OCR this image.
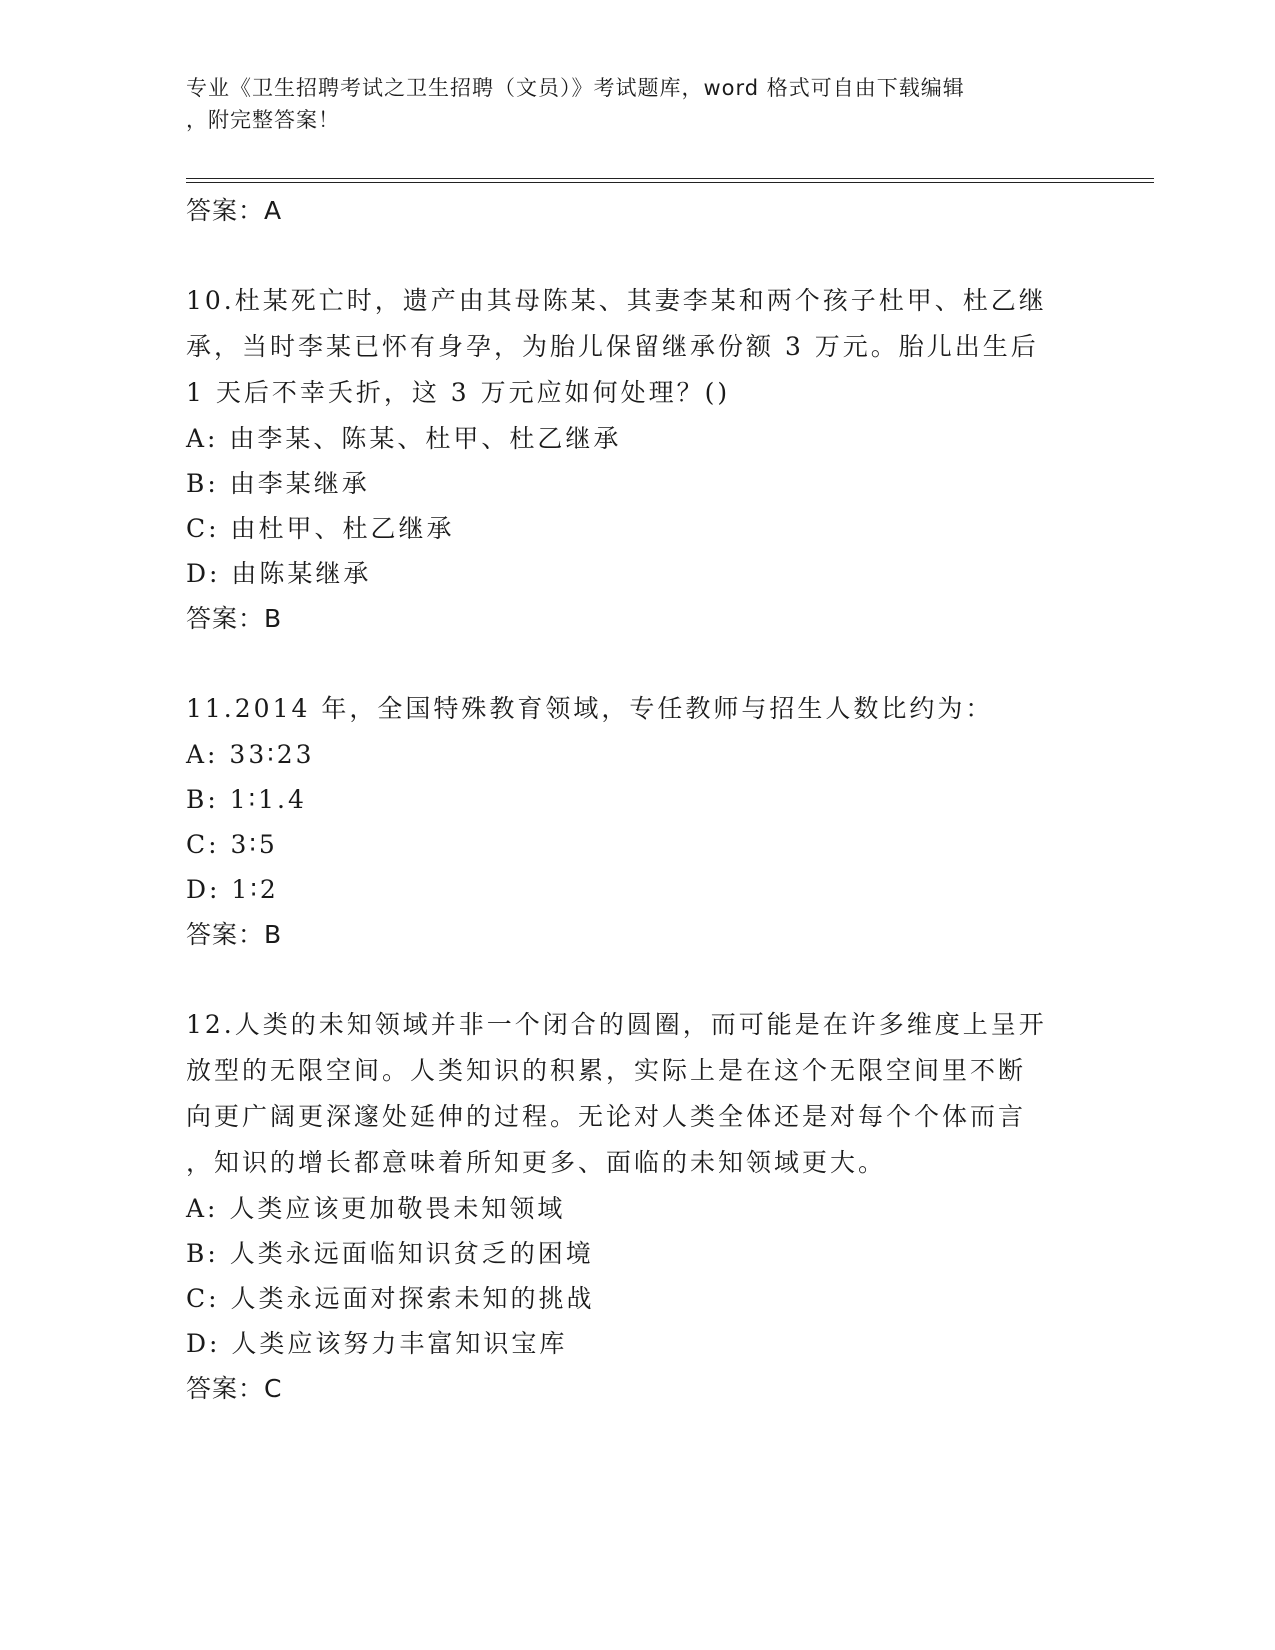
专业《卫生招聘考试之卫生招聘（文员）》考试题库，word 格式可自由下载编辑
，附完整答案！
答案：A
10.杜某死亡时，遗产由其母陈某、其妻李某和两个孩子杜甲、杜乙继
承，当时李某已怀有身孕，为胎儿保留继承份额 3 万元。胎儿出生后
1 天后不幸夭折，这 3 万元应如何处理？()
A: 由李某、陈某、杜甲、杜乙继承
B: 由李某继承
C: 由杜甲、杜乙继承
D: 由陈某继承
答案：B
11.2014 年，全国特殊教育领域，专任教师与招生人数比约为：
A: 33∶23
B: 1∶1.4
C: 3∶5
D: 1∶2
答案：B
12.人类的未知领域并非一个闭合的圆圈，而可能是在许多维度上呈开
放型的无限空间。人类知识的积累，实际上是在这个无限空间里不断
向更广阔更深邃处延伸的过程。无论对人类全体还是对每个个体而言
，知识的增长都意味着所知更多、面临的未知领域更大。
A: 人类应该更加敬畏未知领域
B: 人类永远面临知识贫乏的困境
C: 人类永远面对探索未知的挑战
D: 人类应该努力丰富知识宝库
答案：C
